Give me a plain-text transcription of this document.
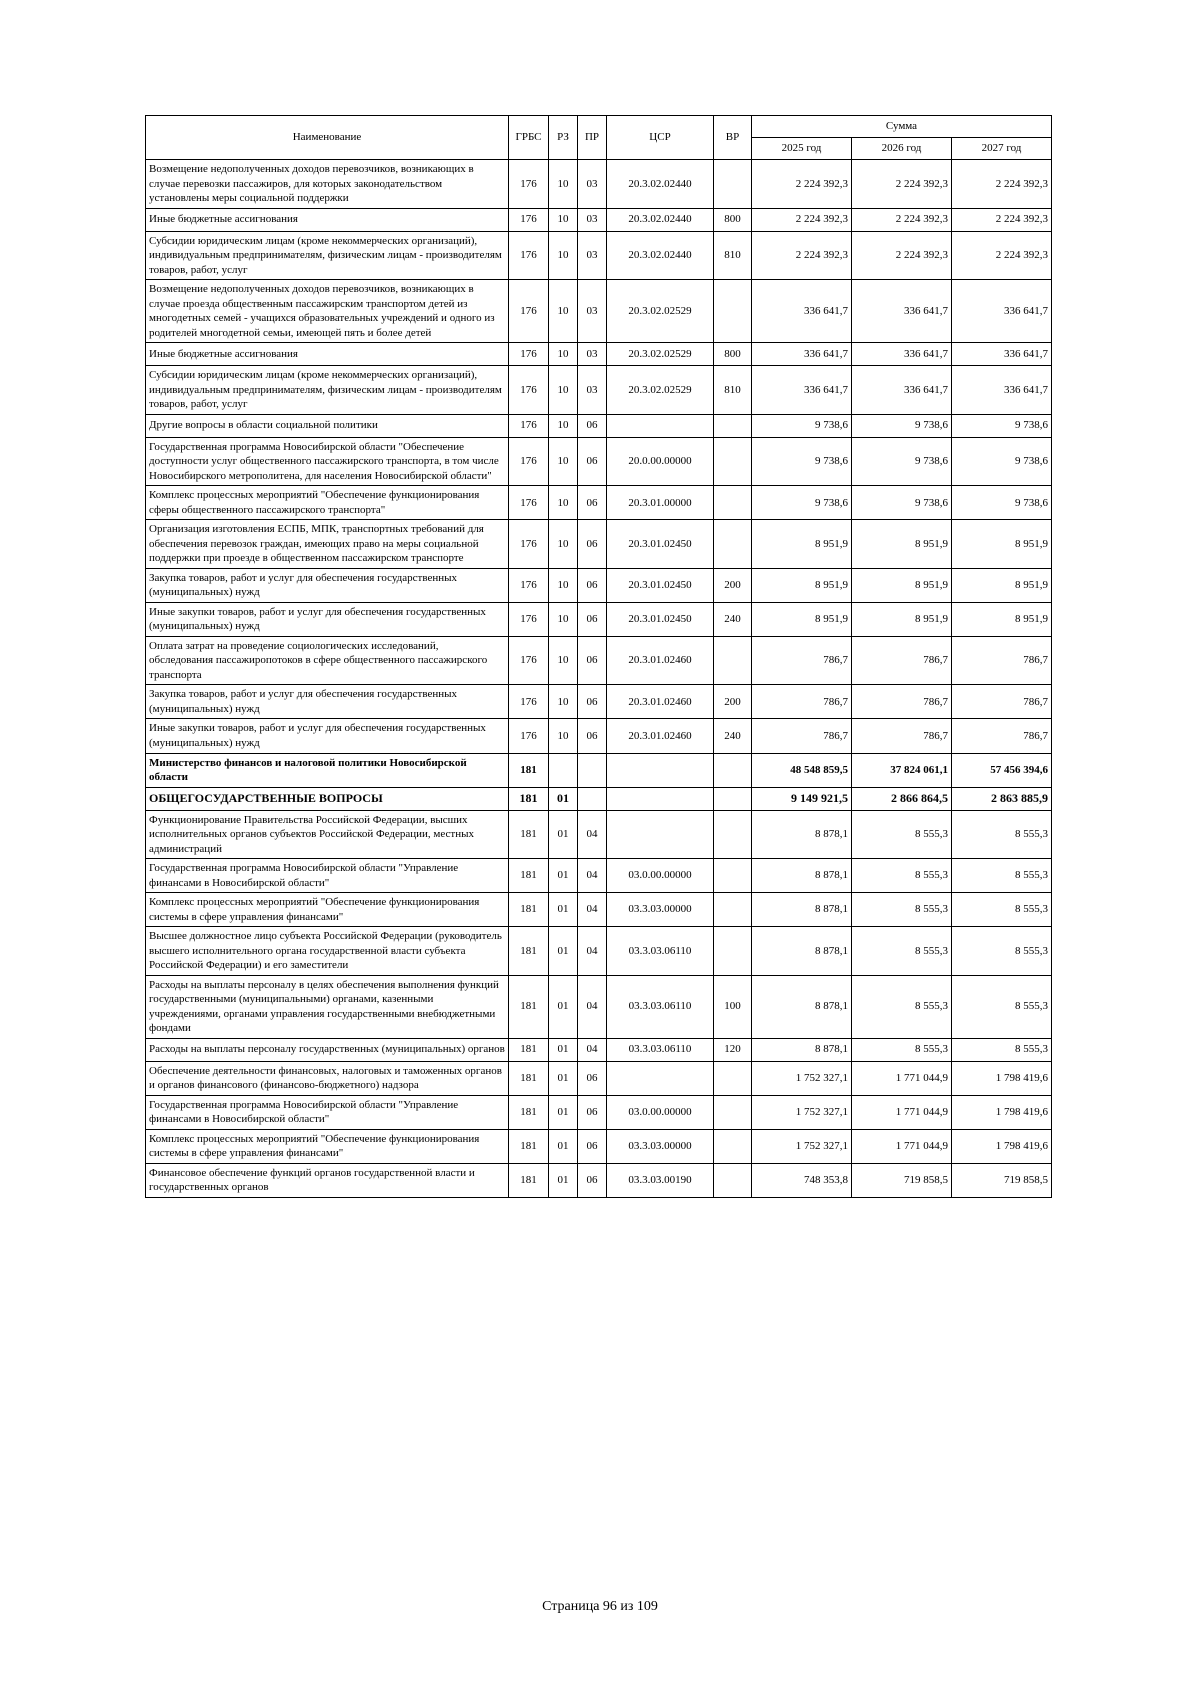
Наименование	ГРБС	РЗ	ПР	ЦСР	ВР	Сумма		
						2025 год	2026 год	2027 год
Возмещение недополученных доходов перевозчиков, возникающих в случае перевозки пассажиров, для которых законодательством установлены меры социальной поддержки	176	10	03	20.3.02.02440		2 224 392,3	2 224 392,3	2 224 392,3
Иные бюджетные ассигнования	176	10	03	20.3.02.02440	800	2 224 392,3	2 224 392,3	2 224 392,3
Субсидии юридическим лицам (кроме некоммерческих организаций), индивидуальным предпринимателям, физическим лицам - производителям товаров, работ, услуг	176	10	03	20.3.02.02440	810	2 224 392,3	2 224 392,3	2 224 392,3
Возмещение недополученных доходов перевозчиков, возникающих в случае проезда общественным пассажирским транспортом детей из многодетных семей - учащихся образовательных учреждений и одного из родителей многодетной семьи, имеющей пять и более детей	176	10	03	20.3.02.02529		336 641,7	336 641,7	336 641,7
Иные бюджетные ассигнования	176	10	03	20.3.02.02529	800	336 641,7	336 641,7	336 641,7
Субсидии юридическим лицам (кроме некоммерческих организаций), индивидуальным предпринимателям, физическим лицам - производителям товаров, работ, услуг	176	10	03	20.3.02.02529	810	336 641,7	336 641,7	336 641,7
Другие вопросы в области социальной политики	176	10	06			9 738,6	9 738,6	9 738,6
Государственная программа Новосибирской области "Обеспечение доступности услуг общественного пассажирского транспорта, в том числе Новосибирского метрополитена, для населения Новосибирской области"	176	10	06	20.0.00.00000		9 738,6	9 738,6	9 738,6
Комплекс процессных мероприятий "Обеспечение функционирования сферы общественного пассажирского транспорта"	176	10	06	20.3.01.00000		9 738,6	9 738,6	9 738,6
Организация изготовления ЕСПБ, МПК, транспортных требований для обеспечения перевозок граждан, имеющих право на меры социальной поддержки при проезде в общественном пассажирском транспорте	176	10	06	20.3.01.02450		8 951,9	8 951,9	8 951,9
Закупка товаров, работ и услуг для обеспечения государственных (муниципальных) нужд	176	10	06	20.3.01.02450	200	8 951,9	8 951,9	8 951,9
Иные закупки товаров, работ и услуг для обеспечения государственных (муниципальных) нужд	176	10	06	20.3.01.02450	240	8 951,9	8 951,9	8 951,9
Оплата затрат на проведение социологических исследований, обследования пассажиропотоков в сфере общественного пассажирского транспорта	176	10	06	20.3.01.02460		786,7	786,7	786,7
Закупка товаров, работ и услуг для обеспечения государственных (муниципальных) нужд	176	10	06	20.3.01.02460	200	786,7	786,7	786,7
Иные закупки товаров, работ и услуг для обеспечения государственных (муниципальных) нужд	176	10	06	20.3.01.02460	240	786,7	786,7	786,7
Министерство финансов и налоговой политики Новосибирской области	181					48 548 859,5	37 824 061,1	57 456 394,6
ОБЩЕГОСУДАРСТВЕННЫЕ ВОПРОСЫ	181	01				9 149 921,5	2 866 864,5	2 863 885,9
Функционирование Правительства Российской Федерации, высших исполнительных органов субъектов Российской Федерации, местных администраций	181	01	04			8 878,1	8 555,3	8 555,3
Государственная программа Новосибирской области "Управление финансами в Новосибирской области"	181	01	04	03.0.00.00000		8 878,1	8 555,3	8 555,3
Комплекс процессных мероприятий "Обеспечение функционирования системы в сфере управления финансами"	181	01	04	03.3.03.00000		8 878,1	8 555,3	8 555,3
Высшее должностное лицо субъекта Российской Федерации (руководитель высшего исполнительного органа государственной власти субъекта Российской Федерации) и его заместители	181	01	04	03.3.03.06110		8 878,1	8 555,3	8 555,3
Расходы на выплаты персоналу в целях обеспечения выполнения функций государственными (муниципальными) органами, казенными учреждениями, органами управления государственными внебюджетными фондами	181	01	04	03.3.03.06110	100	8 878,1	8 555,3	8 555,3
Расходы на выплаты персоналу государственных (муниципальных) органов	181	01	04	03.3.03.06110	120	8 878,1	8 555,3	8 555,3
Обеспечение деятельности финансовых, налоговых и таможенных органов и органов финансового (финансово-бюджетного) надзора	181	01	06			1 752 327,1	1 771 044,9	1 798 419,6
Государственная программа Новосибирской области "Управление финансами в Новосибирской области"	181	01	06	03.0.00.00000		1 752 327,1	1 771 044,9	1 798 419,6
Комплекс процессных мероприятий "Обеспечение функционирования системы в сфере управления финансами"	181	01	06	03.3.03.00000		1 752 327,1	1 771 044,9	1 798 419,6
Финансовое обеспечение функций органов государственной власти и государственных органов	181	01	06	03.3.03.00190		748 353,8	719 858,5	719 858,5
Страница 96 из 109
